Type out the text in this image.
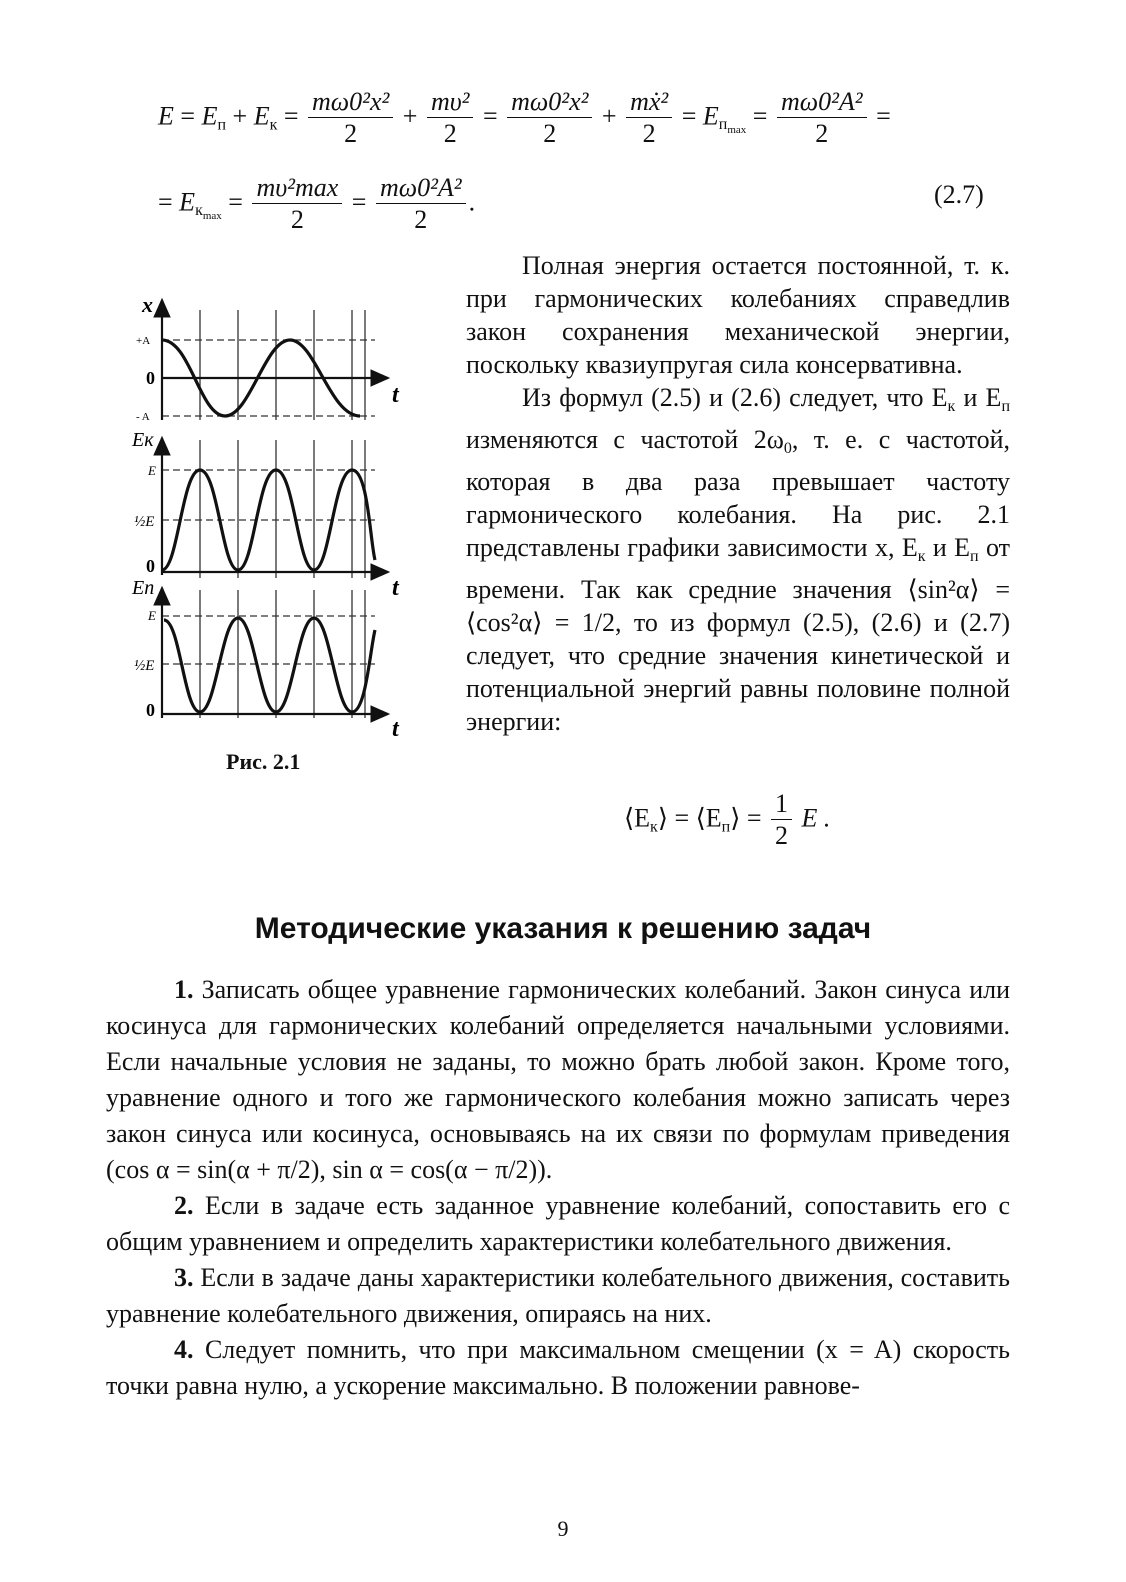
$E = E_п + E_к = \frac{\text{mω0²x²}}{2} + \frac{\text{mυ²}}{2} = \frac{\text{mω0²x²}}{2} + \frac{\text{mẋ²}}{2} = E_{п_{max}} = \frac{\text{mω0²A²}}{2}$ =
= $E_{к_{max}} = \frac{\text{mυ²max}}{2} = \frac{\text{mω0²A²}}{2}$ .	(2.7)

Полная энергия остается постоянной, т. к. при гармонических колебаниях справедлив закон сохранения механической энергии, поскольку квазиупругая сила консервативна.

Из формул (2.5) и (2.6) следует, что $E_к$ и $E_п$ изменяются с частотой $2\omega_0$, т. е. с частотой, которая в два раза превышает частоту гармонического колебания. На рис. 2.1 представлены графики зависимости x, $E_к$ и $E_п$ от времени. Так как средние значения ⟨sin²α⟩ = ⟨cos²α⟩ = 1/2, то из формул (2.5), (2.6) и (2.7) следует, что средние значения кинетической и потенциальной энергий равны половине полной энергии:

$⟨E_к⟩$ = $⟨E_п⟩ = \frac{1}{2}$ E .
x
+A
0
- A
t
Eк
E
½E
0
t
Eп
E
½E
0
t
Рис. 2.1
Методические указания к решению задач

1. Записать общее уравнение гармонических колебаний. Закон синуса или косинуса для гармонических колебаний определяется начальными условиями. Если начальные условия не заданы, то можно брать любой закон. Кроме того, уравнение одного и того же гармонического колебания можно записать через закон синуса или косинуса, основываясь на их связи по формулам приведения (cos α = sin(α + π/2), sin α = cos(α − π/2)).

2. Если в задаче есть заданное уравнение колебаний, сопоставить его с общим уравнением и определить характеристики колебательного движения.

3. Если в задаче даны характеристики колебательного движения, составить уравнение колебательного движения, опираясь на них.

4. Следует помнить, что при максимальном смещении (x = A) скорость точки равна нулю, а ускорение максимально. В положении равнове-

9
